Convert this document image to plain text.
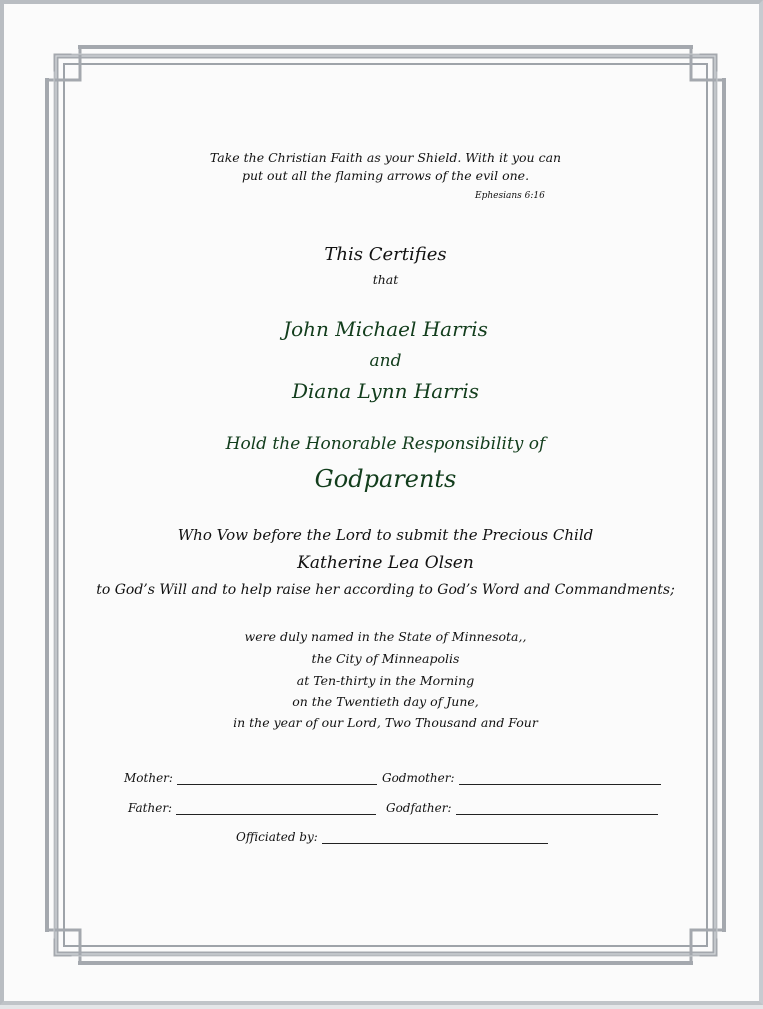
Take the Christian Faith as your Shield. With it you can

put out all the flaming arrows of the evil one.

Ephesians 6:16

This Certifies

that

John Michael Harris

and

Diana Lynn Harris

Hold the Honorable Responsibility of

Godparents

Who Vow before the Lord to submit the Precious Child

Katherine Lea Olsen

to God’s Will and to help raise her according to God’s Word and Commandments;

were duly named in the State of Minnesota,,

the City of Minneapolis

at Ten-thirty in the Morning

on the Twentieth day of June,

in the year of our Lord, Two Thousand and Four

Mother:	Godmother:
Father:	Godfather:
Officiated by:
